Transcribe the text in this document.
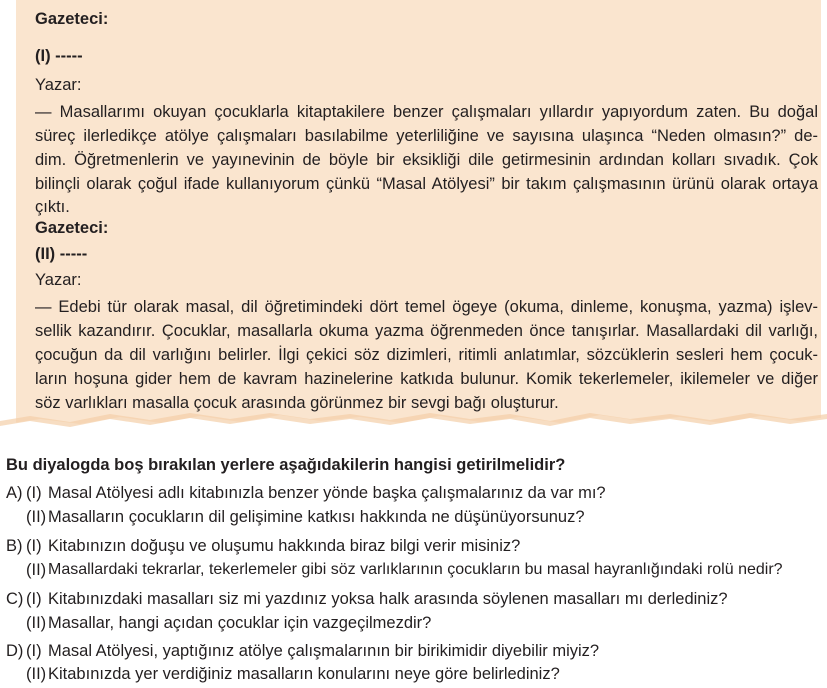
Gazeteci:
(I) -----
Yazar:
— Masallarımı okuyan çocuklarla kitaptakilere benzer çalışmaları yıllardır yapıyordum zaten. Bu doğal
süreç ilerledikçe atölye çalışmaları basılabilme yeterliliğine ve sayısına ulaşınca “Neden olmasın?” de-
dim. Öğretmenlerin ve yayınevinin de böyle bir eksikliği dile getirmesinin ardından kolları sıvadık. Çok
bilinçli olarak çoğul ifade kullanıyorum çünkü “Masal Atölyesi” bir takım çalışmasının ürünü olarak ortaya
çıktı.
Gazeteci:
(II) -----
Yazar:
— Edebi tür olarak masal, dil öğretimindeki dört temel ögeye (okuma, dinleme, konuşma, yazma) işlev-
sellik kazandırır. Çocuklar, masallarla okuma yazma öğrenmeden önce tanışırlar. Masallardaki dil varlığı,
çocuğun da dil varlığını belirler. İlgi çekici söz dizimleri, ritimli anlatımlar, sözcüklerin sesleri hem çocuk-
ların hoşuna gider hem de kavram hazinelerine katkıda bulunur. Komik tekerlemeler, ikilemeler ve diğer
söz varlıkları masalla çocuk arasında görünmez bir sevgi bağı oluşturur.
Bu diyalogda boş bırakılan yerlere aşağıdakilerin hangisi getirilmelidir?
A) (I) Masal Atölyesi adlı kitabınızla benzer yönde başka çalışmalarınız da var mı?
(II) Masalların çocukların dil gelişimine katkısı hakkında ne düşünüyorsunuz?
B) (I) Kitabınızın doğuşu ve oluşumu hakkında biraz bilgi verir misiniz?
(II) Masallardaki tekrarlar, tekerlemeler gibi söz varlıklarının çocukların bu masal hayranlığındaki rolü nedir?
C) (I) Kitabınızdaki masalları siz mi yazdınız yoksa halk arasında söylenen masalları mı derlediniz?
(II) Masallar, hangi açıdan çocuklar için vazgeçilmezdir?
D) (I) Masal Atölyesi, yaptığınız atölye çalışmalarının bir birikimidir diyebilir miyiz?
(II) Kitabınızda yer verdiğiniz masalların konularını neye göre belirlediniz?
